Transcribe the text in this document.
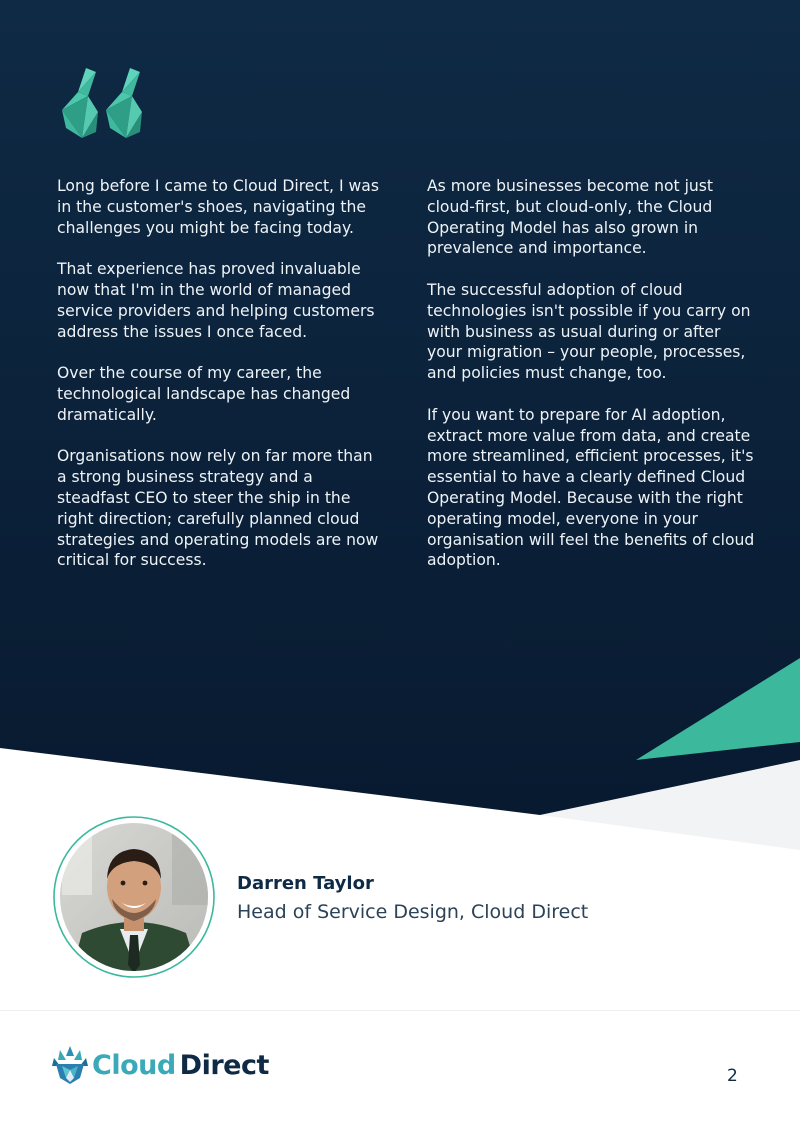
Long before I came to Cloud Direct, I was in the customer's shoes, navigating the challenges you might be facing today.

That experience has proved invaluable now that I'm in the world of managed service providers and helping customers address the issues I once faced.

Over the course of my career, the technological landscape has changed dramatically.

Organisations now rely on far more than a strong business strategy and a steadfast CEO to steer the ship in the right direction; carefully planned cloud strategies and operating models are now critical for success.

As more businesses become not just cloud-first, but cloud-only, the Cloud Operating Model has also grown in prevalence and importance.

The successful adoption of cloud technologies isn't possible if you carry on with business as usual during or after your migration – your people, processes, and policies must change, too.

If you want to prepare for AI adoption, extract more value from data, and create more streamlined, efficient processes, it's essential to have a clearly defined Cloud Operating Model. Because with the right operating model, everyone in your organisation will feel the benefits of cloud adoption.

Darren Taylor
Head of Service Design, Cloud Direct
Cloud Direct	2
